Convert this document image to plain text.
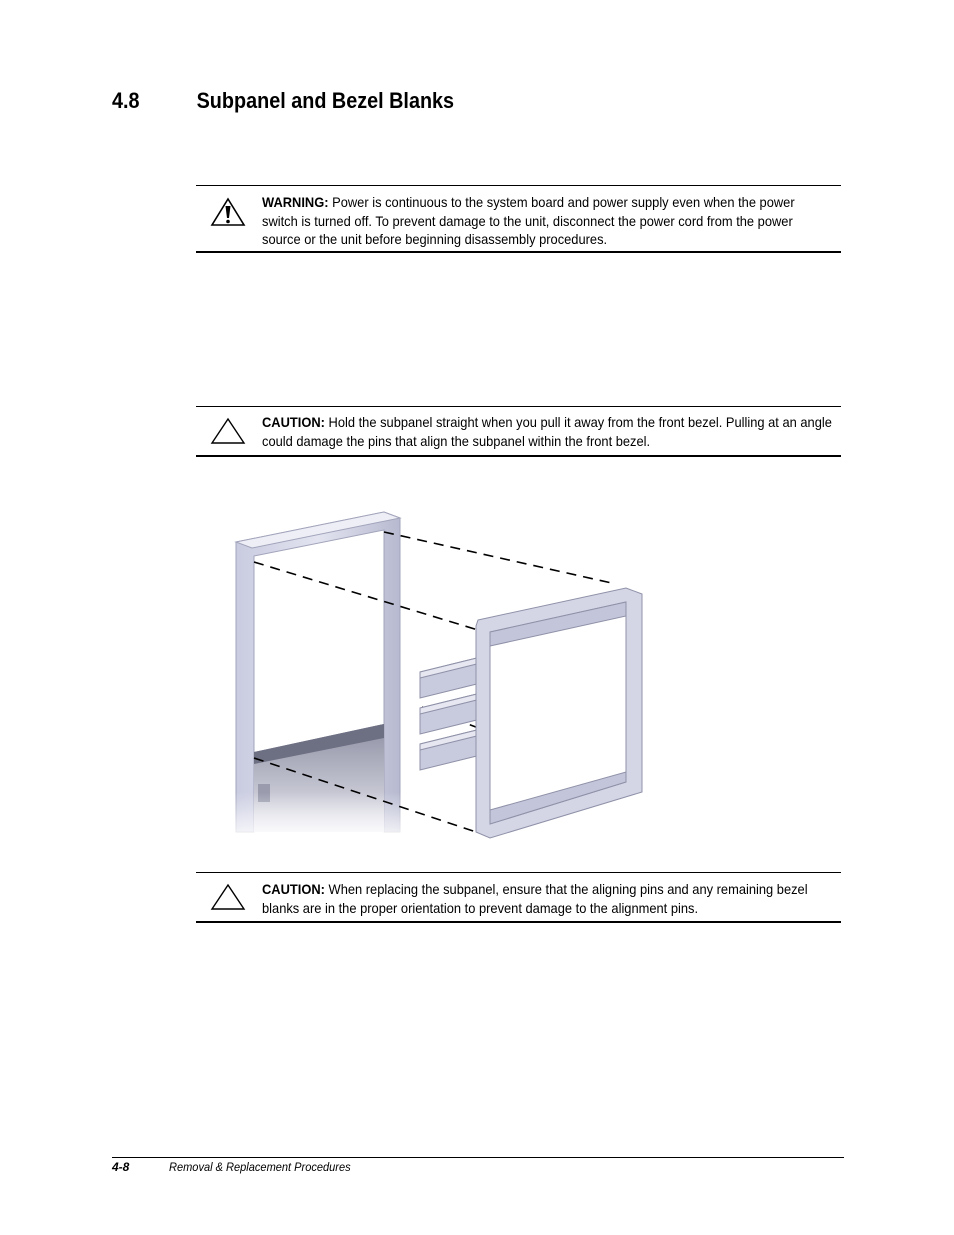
4.8	Subpanel and Bezel Blanks
WARNING: Power is continuous to the system board and power supply even when the power switch is turned off. To prevent damage to the unit, disconnect the power cord from the power source or the unit before beginning disassembly procedures.
CAUTION: Hold the subpanel straight when you pull it away from the front bezel. Pulling at an angle could damage the pins that align the subpanel within the front bezel.
CAUTION: When replacing the subpanel, ensure that the aligning pins and any remaining bezel blanks are in the proper orientation to prevent damage to the alignment pins.
4-8	Removal & Replacement Procedures
